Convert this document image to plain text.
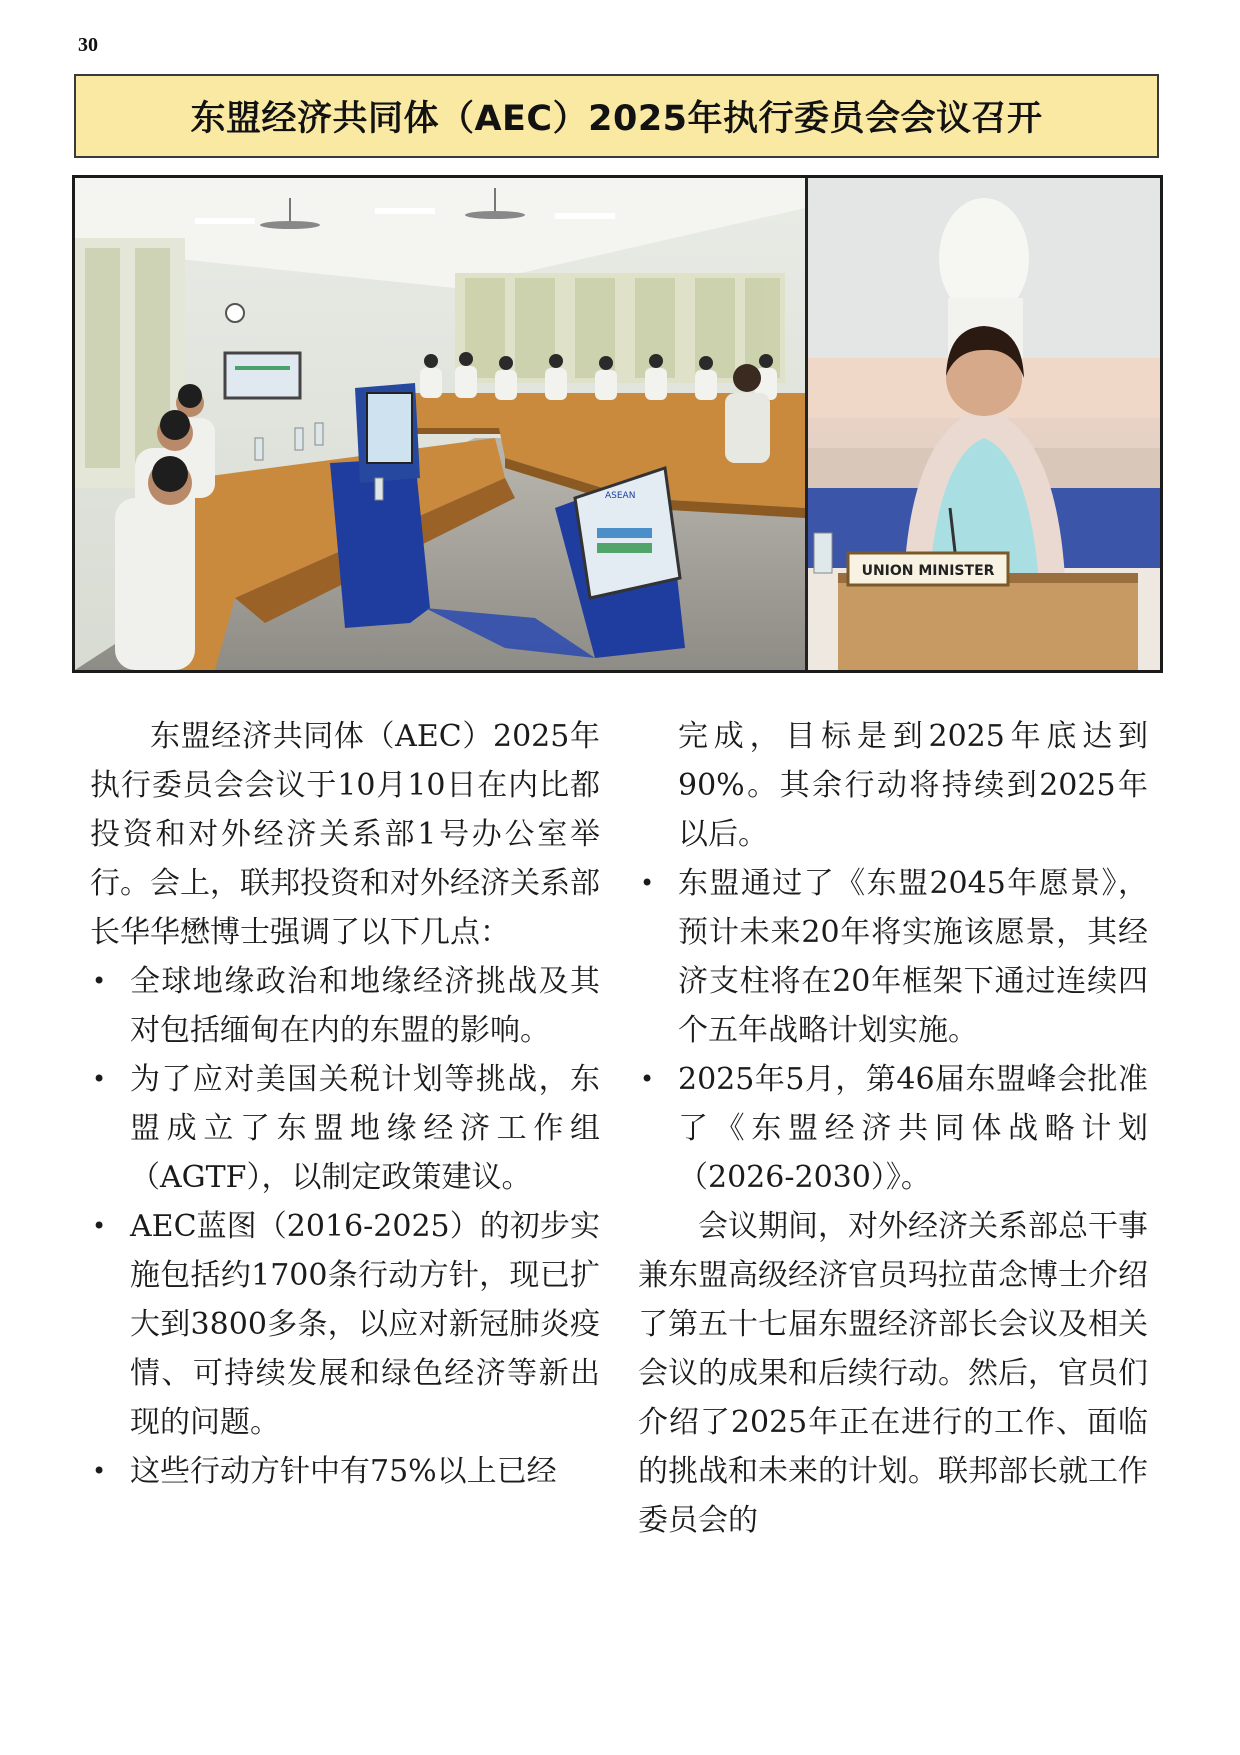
30
东盟经济共同体（AEC）2025年执行委员会会议召开
ASEAN
UNION MINISTER

东盟经济共同体（AEC）2025年执行委员会会议于10月10日在内比都投资和对外经济关系部1号办公室举行。会上，联邦投资和对外经济关系部长华华懋博士强调了以下几点：

• 全球地缘政治和地缘经济挑战及其对包括缅甸在内的东盟的影响。
• 为了应对美国关税计划等挑战，东盟成立了东盟地缘经济工作组（AGTF），以制定政策建议。
• AEC蓝图（2016-2025）的初步实施包括约1700条行动方针，现已扩大到3800多条，以应对新冠肺炎疫情、可持续发展和绿色经济等新出现的问题。
• 这些行动方针中有75%以上已经
完成，目标是到2025年底达到90%。其余行动将持续到2025年以后。
• 东盟通过了《东盟2045年愿景》，预计未来20年将实施该愿景，其经济支柱将在20年框架下通过连续四个五年战略计划实施。
• 2025年5月，第46届东盟峰会批准了《东盟经济共同体战略计划（2026-2030）》。

会议期间，对外经济关系部总干事兼东盟高级经济官员玛拉苗念博士介绍了第五十七届东盟经济部长会议及相关会议的成果和后续行动。然后，官员们介绍了2025年正在进行的工作、面临的挑战和未来的计划。联邦部长就工作委员会的
